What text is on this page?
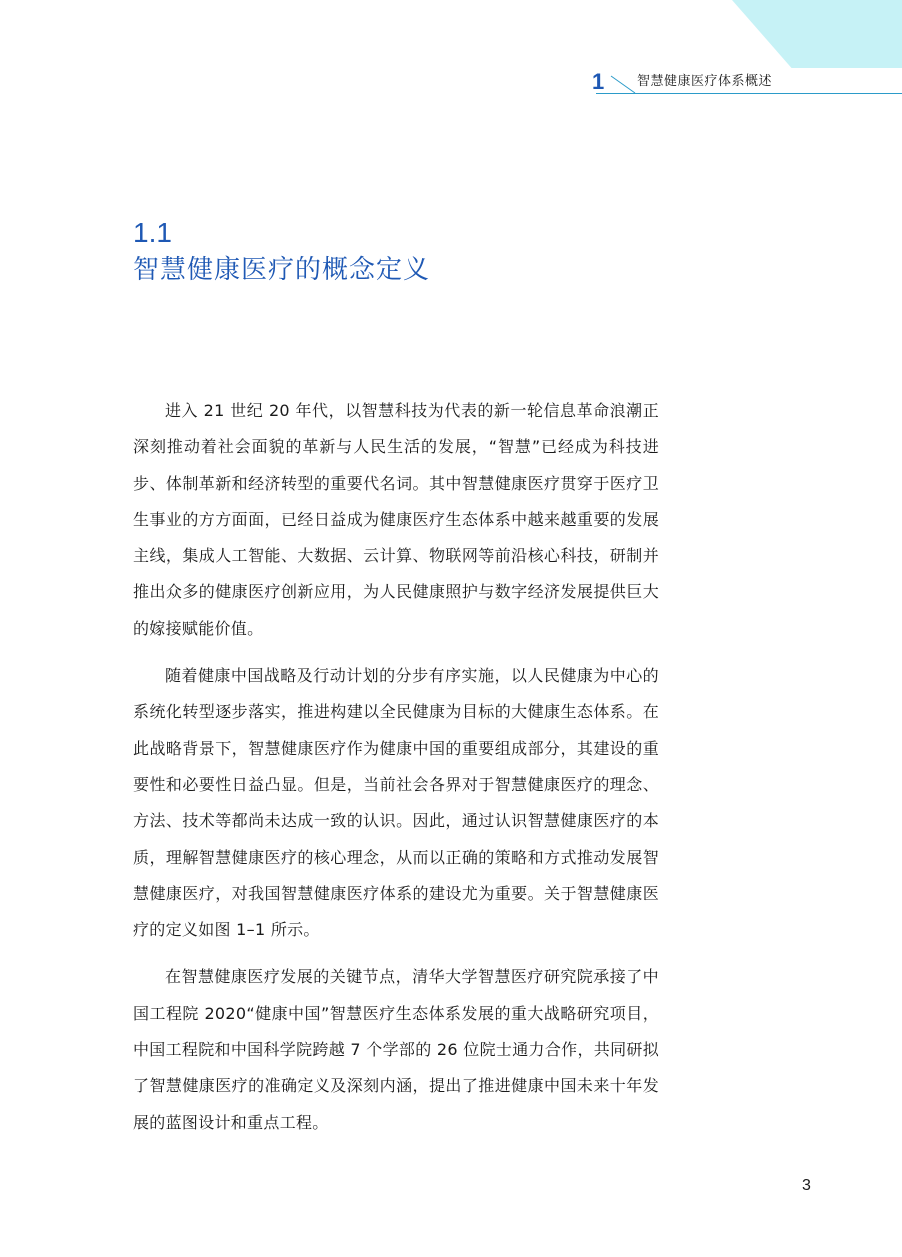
1	智慧健康医疗体系概述
1.1
智慧健康医疗的概念定义

进入 21 世纪 20 年代，以智慧科技为代表的新一轮信息革命浪潮正深刻推动着社会面貌的革新与人民生活的发展，“智慧”已经成为科技进步、体制革新和经济转型的重要代名词。其中智慧健康医疗贯穿于医疗卫生事业的方方面面，已经日益成为健康医疗生态体系中越来越重要的发展主线，集成人工智能、大数据、云计算、物联网等前沿核心科技，研制并推出众多的健康医疗创新应用，为人民健康照护与数字经济发展提供巨大的嫁接赋能价值。

随着健康中国战略及行动计划的分步有序实施，以人民健康为中心的系统化转型逐步落实，推进构建以全民健康为目标的大健康生态体系。在此战略背景下，智慧健康医疗作为健康中国的重要组成部分，其建设的重要性和必要性日益凸显。但是，当前社会各界对于智慧健康医疗的理念、方法、技术等都尚未达成一致的认识。因此，通过认识智慧健康医疗的本质，理解智慧健康医疗的核心理念，从而以正确的策略和方式推动发展智慧健康医疗，对我国智慧健康医疗体系的建设尤为重要。关于智慧健康医疗的定义如图 1–1 所示。

在智慧健康医疗发展的关键节点，清华大学智慧医疗研究院承接了中国工程院 2020“健康中国”智慧医疗生态体系发展的重大战略研究项目，中国工程院和中国科学院跨越 7 个学部的 26 位院士通力合作，共同研拟了智慧健康医疗的准确定义及深刻内涵，提出了推进健康中国未来十年发展的蓝图设计和重点工程。

3
